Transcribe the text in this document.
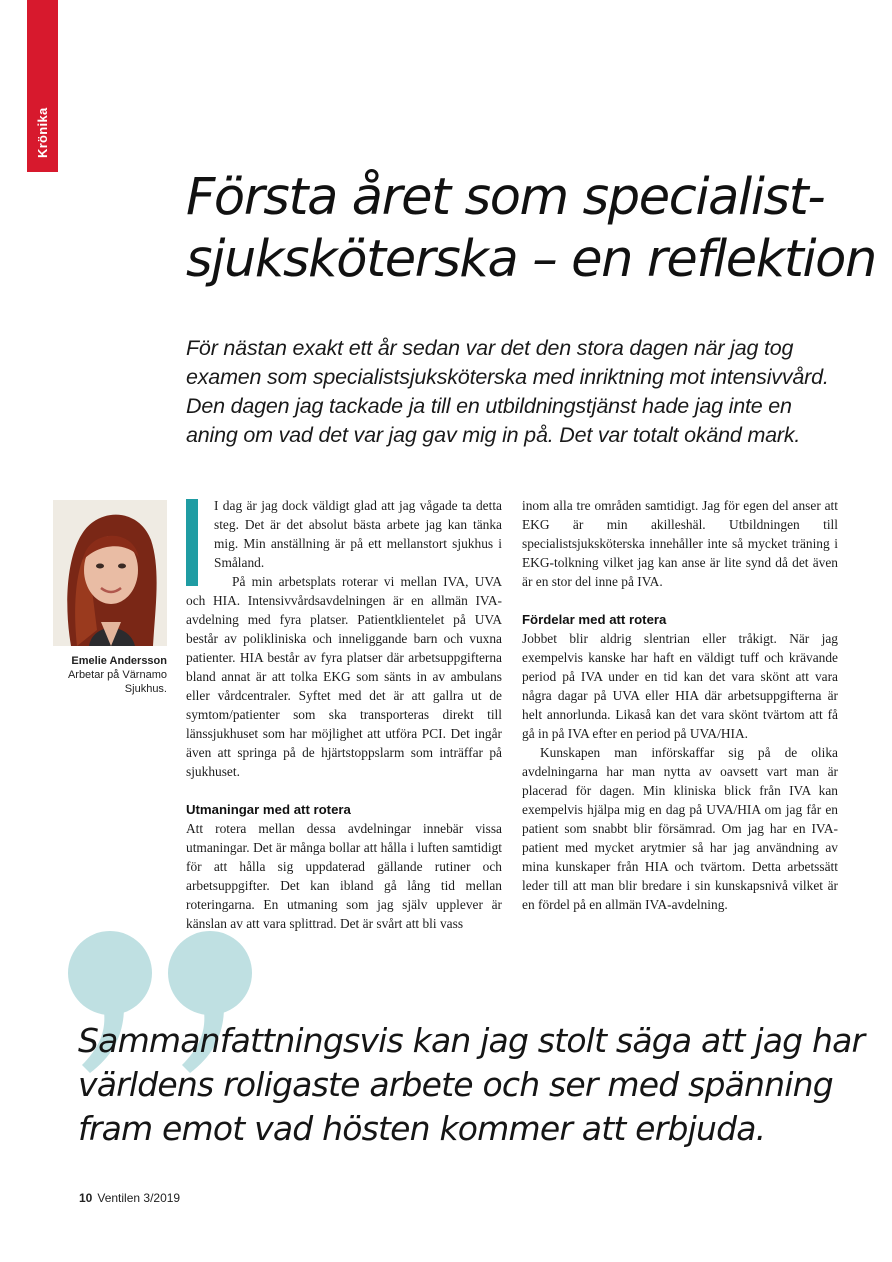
Krönika
Första året som specialist-
sjuksköterska – en reflektion
För nästan exakt ett år sedan var det den stora dagen när jag tog
examen som specialistsjuksköterska med inriktning mot intensivvård.
Den dagen jag tackade ja till en utbildningstjänst hade jag inte en
aning om vad det var jag gav mig in på. Det var totalt okänd mark.
Emelie Andersson
Arbetar på Värnamo Sjukhus.

I dag är jag dock väldigt glad att jag vågade ta detta steg. Det är det absolut bästa arbete jag kan tänka mig. Min anställning är på ett mellanstort sjukhus i Småland.

På min arbetsplats roterar vi mellan IVA, UVA och HIA. Intensivvårdsavdelningen är en allmän IVA-avdelning med fyra platser. Patientklientelet på UVA består av polikliniska och inneliggande barn och vuxna patienter. HIA består av fyra platser där arbetsuppgifterna bland annat är att tolka EKG som sänts in av ambulans eller vårdcentraler. Syftet med det är att gallra ut de symtom/patienter som ska transporteras direkt till länssjukhuset som har möjlighet att utföra PCI. Det ingår även att springa på de hjärtstoppslarm som inträffar på sjukhuset.

Utmaningar med att rotera

Att rotera mellan dessa avdelningar innebär vissa utmaningar. Det är många bollar att hålla i luften samtidigt för att hålla sig uppdaterad gällande rutiner och arbetsuppgifter. Det kan ibland gå lång tid mellan roteringarna. En utmaning som jag själv upplever är känslan av att vara splittrad. Det är svårt att bli vass

inom alla tre områden samtidigt. Jag för egen del anser att EKG är min akilleshäl. Utbildningen till specialistsjuksköterska innehåller inte så mycket träning i EKG-tolkning vilket jag kan anse är lite synd då det även är en stor del inne på IVA.

Fördelar med att rotera

Jobbet blir aldrig slentrian eller tråkigt. När jag exempelvis kanske har haft en väldigt tuff och krävande period på IVA under en tid kan det vara skönt att vara några dagar på UVA eller HIA där arbetsuppgifterna är helt annorlunda. Likaså kan det vara skönt tvärtom att få gå in på IVA efter en period på UVA/HIA.

Kunskapen man införskaffar sig på de olika avdelningarna har man nytta av oavsett vart man är placerad för dagen. Min kliniska blick från IVA kan exempelvis hjälpa mig en dag på UVA/HIA om jag får en patient som snabbt blir försämrad. Om jag har en IVA-patient med mycket arytmier så har jag användning av mina kunskaper från HIA och tvärtom. Detta arbetssätt leder till att man blir bredare i sin kunskapsnivå vilket är en fördel på en allmän IVA-avdelning.

Sammanfattningsvis kan jag stolt säga att jag har
världens roligaste arbete och ser med spänning
fram emot vad hösten kommer att erbjuda.
10 Ventilen 3/2019
